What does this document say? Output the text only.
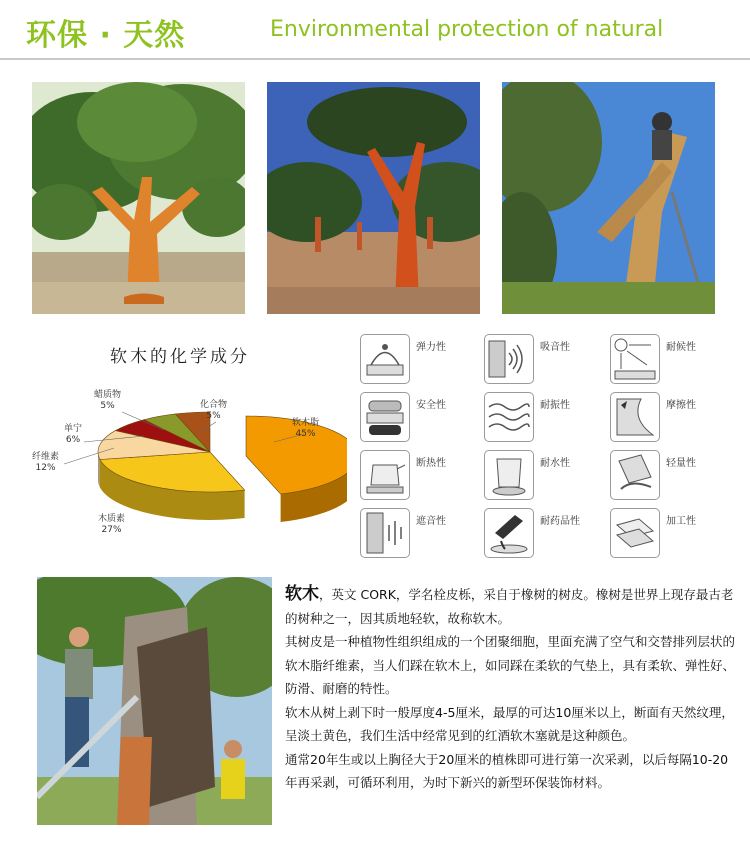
环保 · 天然	Environmental protection of natural
软木的化学成分
蜡质物
5%	化合物
5%
单宁
6%
纤维素
12%
软木脂
45%
木质素
27%
弹力性	吸音性	耐候性
安全性	耐振性	摩擦性
断热性	耐水性	轻量性
遮音性	耐药品性	加工性

软木，英文 CORK，学名栓皮栎，采自于橡树的树皮。橡树是世界上现存最古老的树种之一，因其质地轻软，故称软木。

其树皮是一种植物性组织组成的一个团聚细胞，里面充满了空气和交替排列层状的软木脂纤维素，当人们踩在软木上，如同踩在柔软的气垫上，具有柔软、弹性好、防滑、耐磨的特性。

软木从树上剥下时一般厚度4-5厘米，最厚的可达10厘米以上，断面有天然纹理，呈淡土黄色，我们生活中经常见到的红酒软木塞就是这种颜色。

通常20年生或以上胸径大于20厘米的植株即可进行第一次采剥，以后每隔10-20年再采剥，可循环利用，为时下新兴的新型环保装饰材料。
